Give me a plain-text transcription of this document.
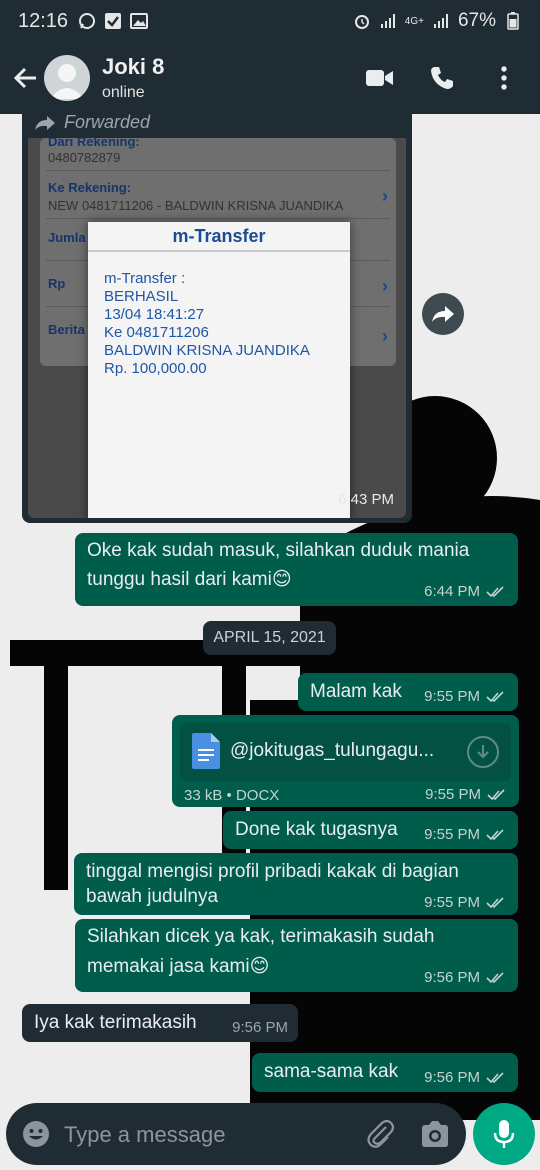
12:16	4G+ 67%
Joki 8
online
Forwarded
Dari Rekening:
0480782879
Ke Rekening:
NEW 0481711206 - BALDWIN KRISNA JUANDIKA	›
Jumla
Rp	›
Berita	›
m-Transfer
m-Transfer :
BERHASIL
13/04 18:41:27
Ke 0481711206
BALDWIN KRISNA JUANDIKA
Rp. 100,000.00
6:43 PM
Oke kak sudah masuk, silahkan duduk mania
tunggu hasil dari kami😊
6:44 PM
APRIL 15, 2021
Malam kak 9:55 PM
@jokitugas_tulungagu...
33 kB • DOCX	9:55 PM
Done kak tugasnya 9:55 PM
tinggal mengisi profil pribadi kakak di bagian
bawah judulnya	9:55 PM
Silahkan dicek ya kak, terimakasih sudah
memakai jasa kami😊
9:56 PM
Iya kak terimakasih 9:56 PM
sama-sama kak 9:56 PM
Type a message
